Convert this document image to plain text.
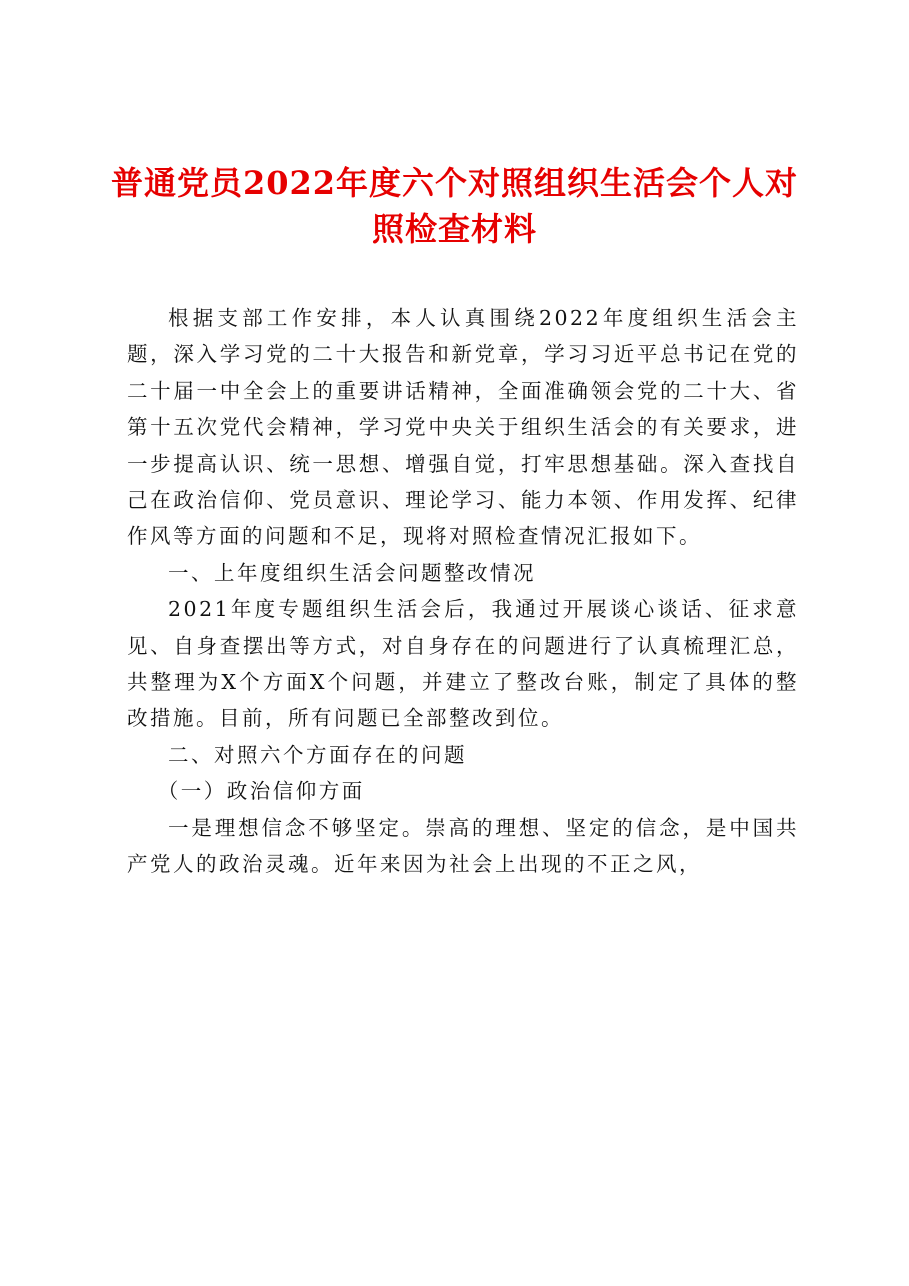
普通党员2022年度六个对照组织生活会个人对照检查材料

根据支部工作安排，本人认真围绕2022年度组织生活会主题，深入学习党的二十大报告和新党章，学习习近平总书记在党的二十届一中全会上的重要讲话精神，全面准确领会党的二十大、省第十五次党代会精神，学习党中央关于组织生活会的有关要求，进一步提高认识、统一思想、增强自觉，打牢思想基础。深入查找自己在政治信仰、党员意识、理论学习、能力本领、作用发挥、纪律作风等方面的问题和不足，现将对照检查情况汇报如下。

一、上年度组织生活会问题整改情况

2021年度专题组织生活会后，我通过开展谈心谈话、征求意见、自身查摆出等方式，对自身存在的问题进行了认真梳理汇总，共整理为X个方面X个问题，并建立了整改台账，制定了具体的整改措施。目前，所有问题已全部整改到位。

二、对照六个方面存在的问题

（一）政治信仰方面

一是理想信念不够坚定。崇高的理想、坚定的信念，是中国共产党人的政治灵魂。近年来因为社会上出现的不正之风，
